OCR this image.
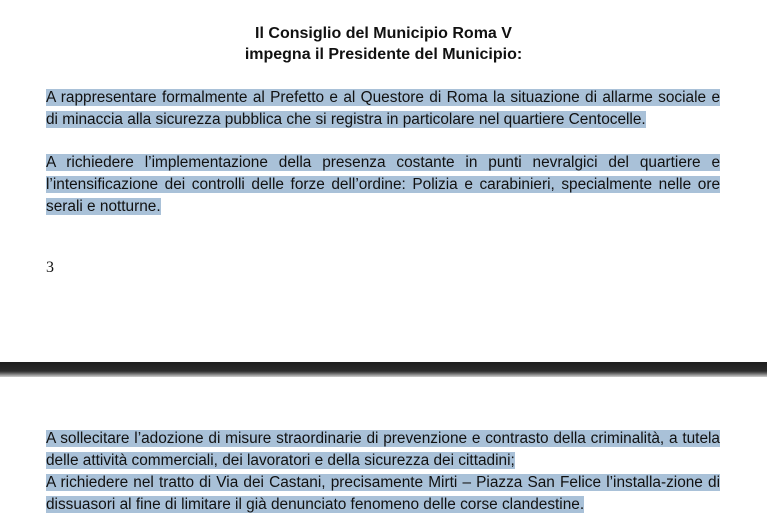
Il Consiglio del Municipio Roma V
impegna il Presidente del Municipio:

A rappresentare formalmente al Prefetto e al Questore di Roma la situazione di allarme sociale e di minaccia alla sicurezza pubblica che si registra in particolare nel quartiere Centocelle.

A richiedere l’implementazione della presenza costante in punti nevralgici del quartiere e l’intensificazione dei controlli delle forze dell’ordine: Polizia e carabinieri, specialmente nelle ore serali e notturne.

3

A sollecitare l’adozione di misure straordinarie di prevenzione e contrasto della criminalità, a tutela delle attività commerciali, dei lavoratori e della sicurezza dei cittadini;

A richiedere nel tratto di Via dei Castani, precisamente Mirti – Piazza San Felice l’installa-zione di dissuasori al fine di limitare il già denunciato fenomeno delle corse clandestine.
